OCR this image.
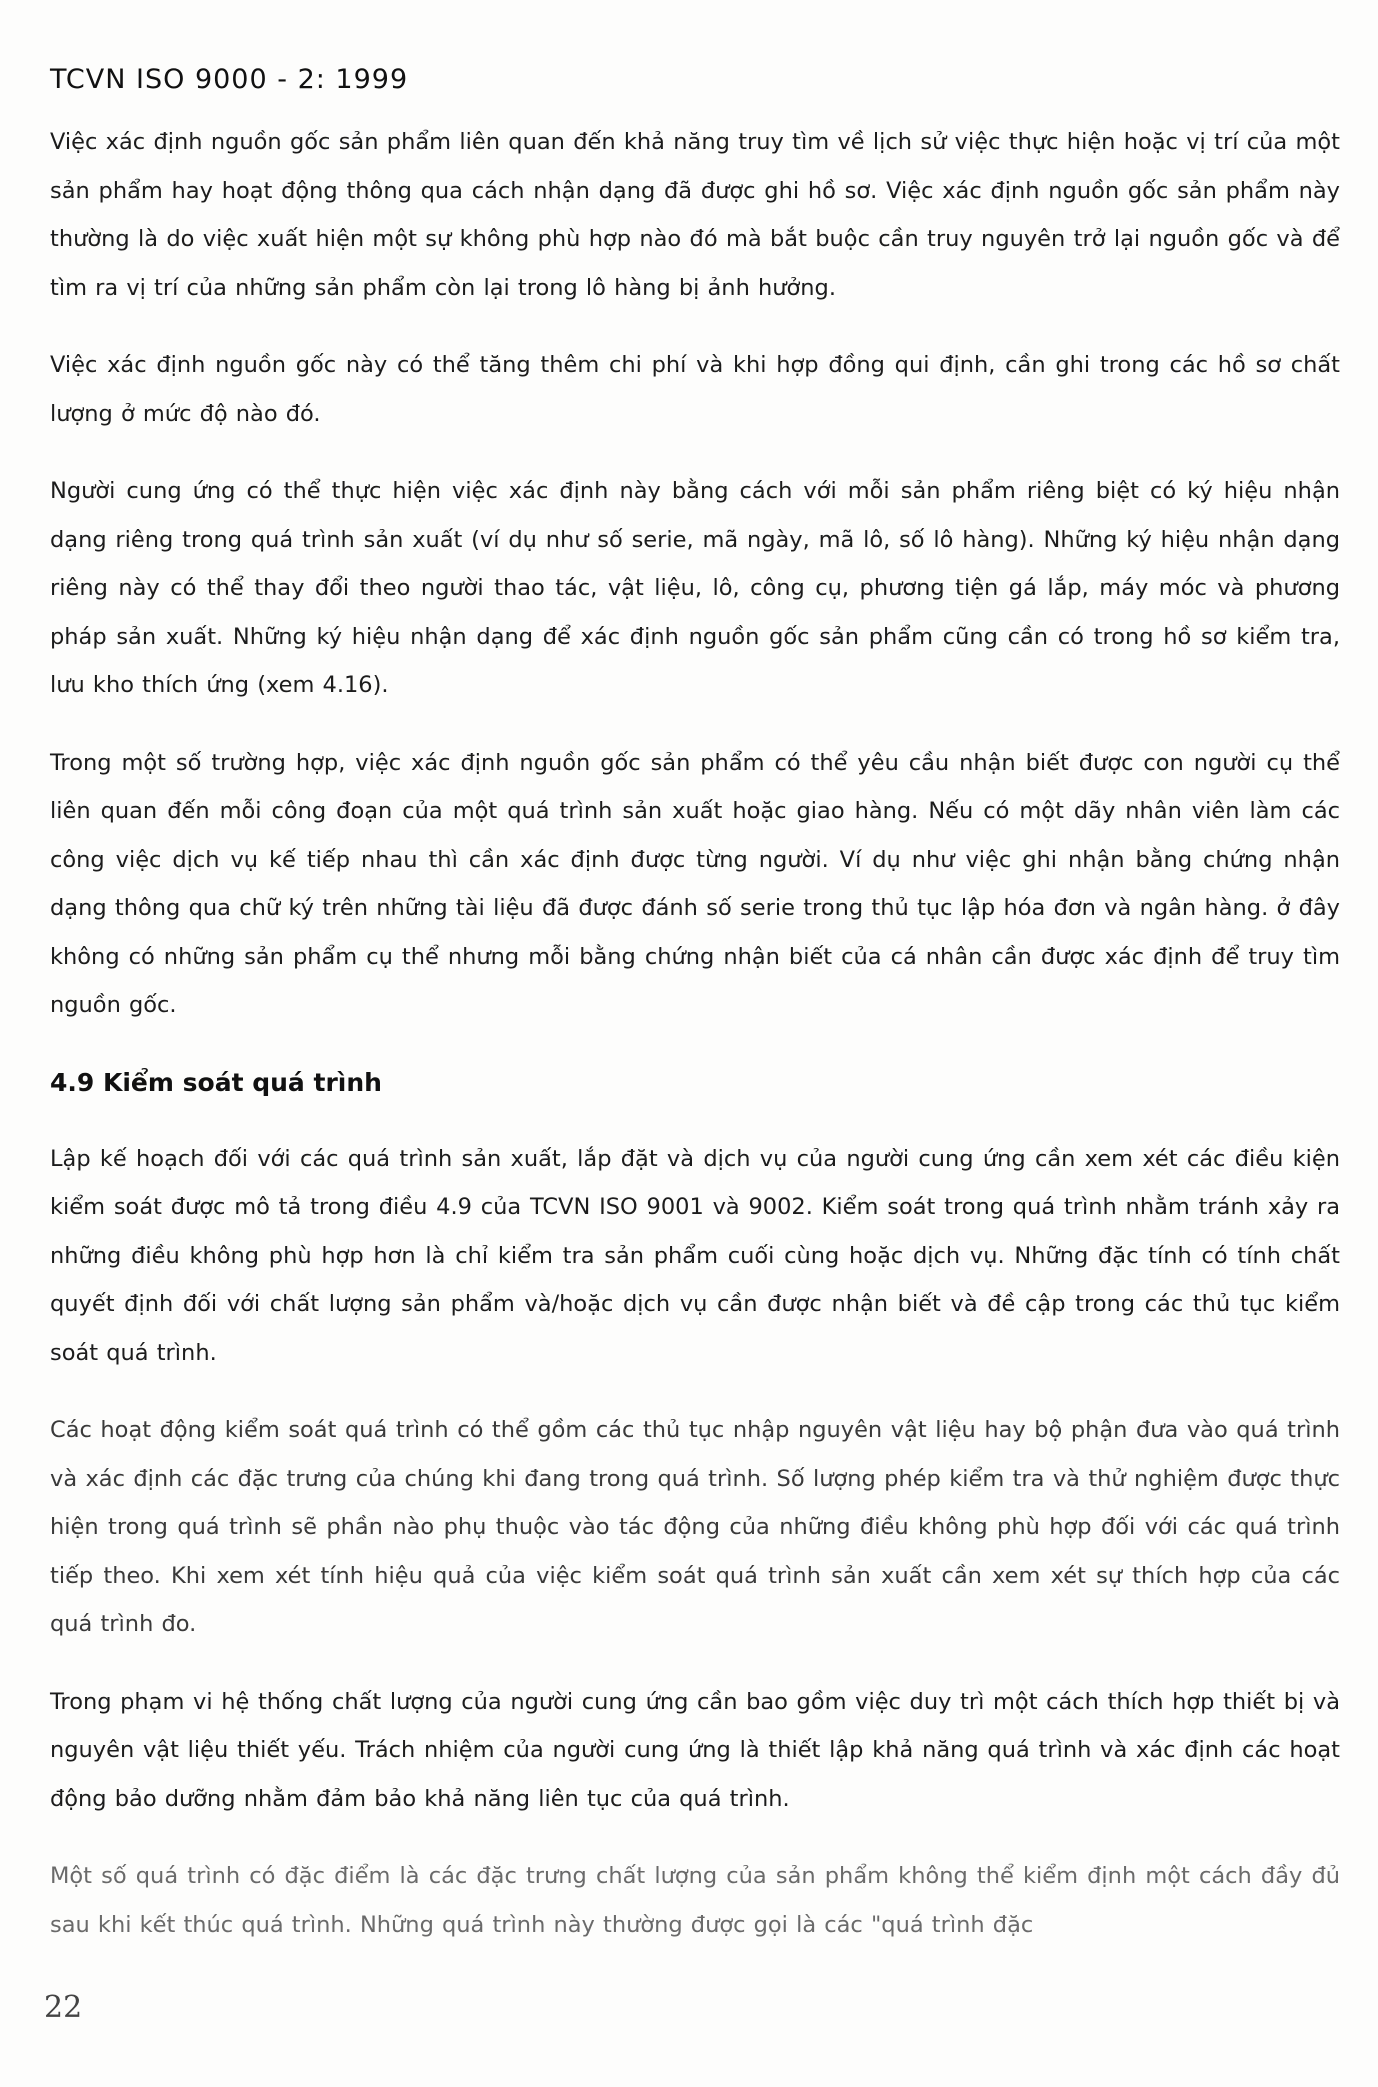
TCVN ISO 9000 - 2: 1999

Việc xác định nguồn gốc sản phẩm liên quan đến khả năng truy tìm về lịch sử việc thực hiện hoặc vị trí của một sản phẩm hay hoạt động thông qua cách nhận dạng đã được ghi hồ sơ. Việc xác định nguồn gốc sản phẩm này thường là do việc xuất hiện một sự không phù hợp nào đó mà bắt buộc cần truy nguyên trở lại nguồn gốc và để tìm ra vị trí của những sản phẩm còn lại trong lô hàng bị ảnh hưởng.

Việc xác định nguồn gốc này có thể tăng thêm chi phí và khi hợp đồng qui định, cần ghi trong các hồ sơ chất lượng ở mức độ nào đó.

Người cung ứng có thể thực hiện việc xác định này bằng cách với mỗi sản phẩm riêng biệt có ký hiệu nhận dạng riêng trong quá trình sản xuất (ví dụ như số serie, mã ngày, mã lô, số lô hàng). Những ký hiệu nhận dạng riêng này có thể thay đổi theo người thao tác, vật liệu, lô, công cụ, phương tiện gá lắp, máy móc và phương pháp sản xuất. Những ký hiệu nhận dạng để xác định nguồn gốc sản phẩm cũng cần có trong hồ sơ kiểm tra, lưu kho thích ứng (xem 4.16).

Trong một số trường hợp, việc xác định nguồn gốc sản phẩm có thể yêu cầu nhận biết được con người cụ thể liên quan đến mỗi công đoạn của một quá trình sản xuất hoặc giao hàng. Nếu có một dãy nhân viên làm các công việc dịch vụ kế tiếp nhau thì cần xác định được từng người. Ví dụ như việc ghi nhận bằng chứng nhận dạng thông qua chữ ký trên những tài liệu đã được đánh số serie trong thủ tục lập hóa đơn và ngân hàng. ở đây không có những sản phẩm cụ thể nhưng mỗi bằng chứng nhận biết của cá nhân cần được xác định để truy tìm nguồn gốc.

4.9 Kiểm soát quá trình

Lập kế hoạch đối với các quá trình sản xuất, lắp đặt và dịch vụ của người cung ứng cần xem xét các điều kiện kiểm soát được mô tả trong điều 4.9 của TCVN ISO 9001 và 9002. Kiểm soát trong quá trình nhằm tránh xảy ra những điều không phù hợp hơn là chỉ kiểm tra sản phẩm cuối cùng hoặc dịch vụ. Những đặc tính có tính chất quyết định đối với chất lượng sản phẩm và/hoặc dịch vụ cần được nhận biết và đề cập trong các thủ tục kiểm soát quá trình.

Các hoạt động kiểm soát quá trình có thể gồm các thủ tục nhập nguyên vật liệu hay bộ phận đưa vào quá trình và xác định các đặc trưng của chúng khi đang trong quá trình. Số lượng phép kiểm tra và thử nghiệm được thực hiện trong quá trình sẽ phần nào phụ thuộc vào tác động của những điều không phù hợp đối với các quá trình tiếp theo. Khi xem xét tính hiệu quả của việc kiểm soát quá trình sản xuất cần xem xét sự thích hợp của các quá trình đo.

Trong phạm vi hệ thống chất lượng của người cung ứng cần bao gồm việc duy trì một cách thích hợp thiết bị và nguyên vật liệu thiết yếu. Trách nhiệm của người cung ứng là thiết lập khả năng quá trình và xác định các hoạt động bảo dưỡng nhằm đảm bảo khả năng liên tục của quá trình.

Một số quá trình có đặc điểm là các đặc trưng chất lượng của sản phẩm không thể kiểm định một cách đầy đủ sau khi kết thúc quá trình. Những quá trình này thường được gọi là các "quá trình đặc

22
